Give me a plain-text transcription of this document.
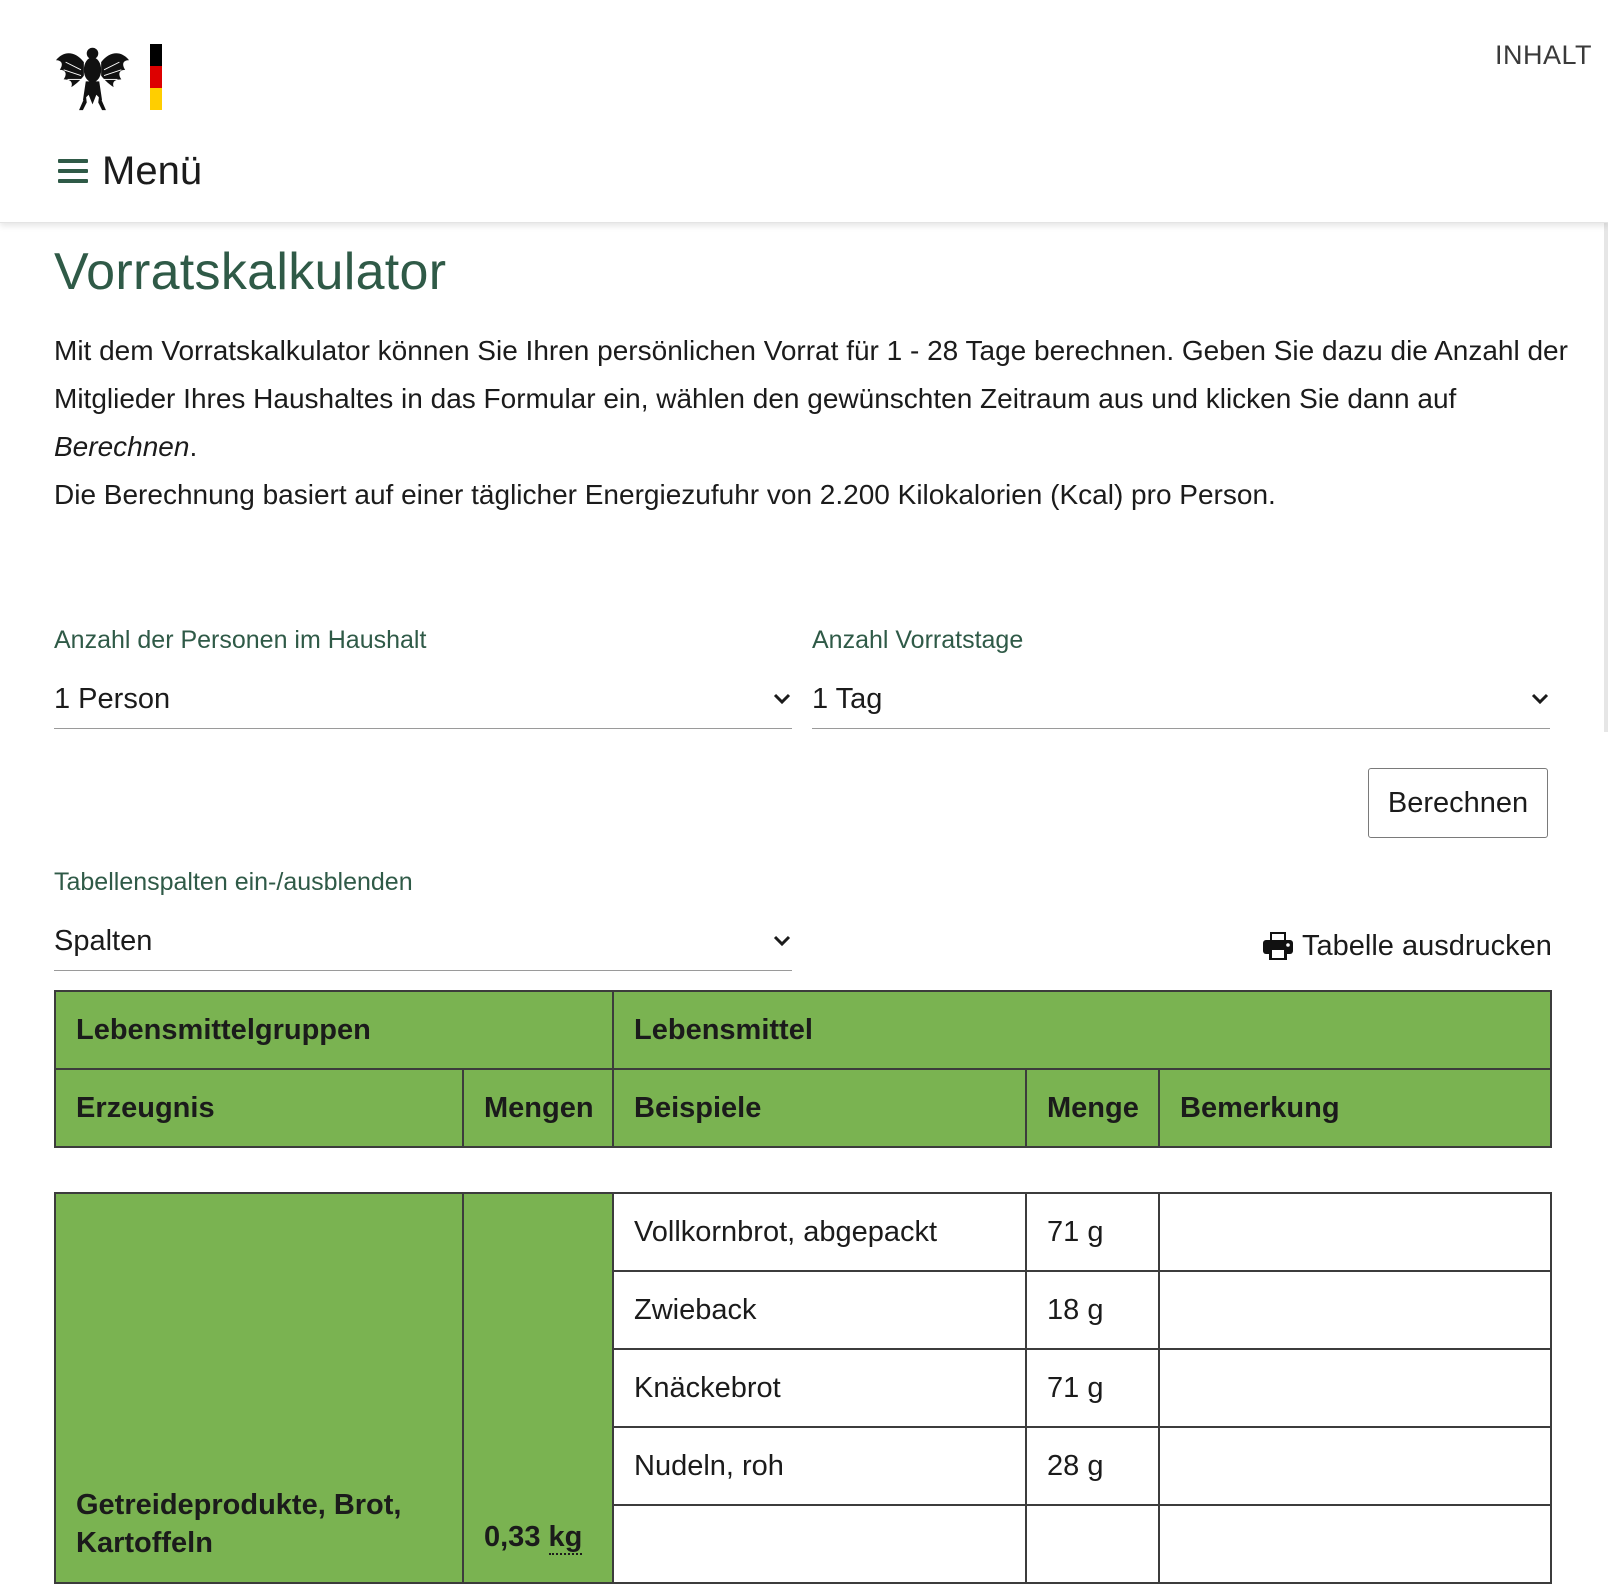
INHALT
Menü
Vorratskalkulator

Mit dem Vorratskalkulator können Sie Ihren persönlichen Vorrat für 1 - 28 Tage berechnen. Geben Sie dazu die Anzahl der Mitglieder Ihres Haushaltes in das Formular ein, wählen den gewünschten Zeitraum aus und klicken Sie dann auf Berechnen.
Die Berechnung basiert auf einer täglicher Energiezufuhr von 2.200 Kilokalorien (Kcal) pro Person.

Anzahl der Personen im Haushalt
1 Person
Anzahl Vorratstage
1 Tag
Berechnen
Tabellenspalten ein-/ausblenden
Spalten	Tabelle ausdrucken
Lebensmittelgruppen		Lebensmittel		
Erzeugnis	Mengen	Beispiele	Menge	Bemerkung
Getreideprodukte, Brot, Kartoffeln	0,33 kg	Vollkornbrot, abgepackt	71 g	
		Zwieback	18 g	
		Knäckebrot	71 g	
		Nudeln, roh	28 g	
